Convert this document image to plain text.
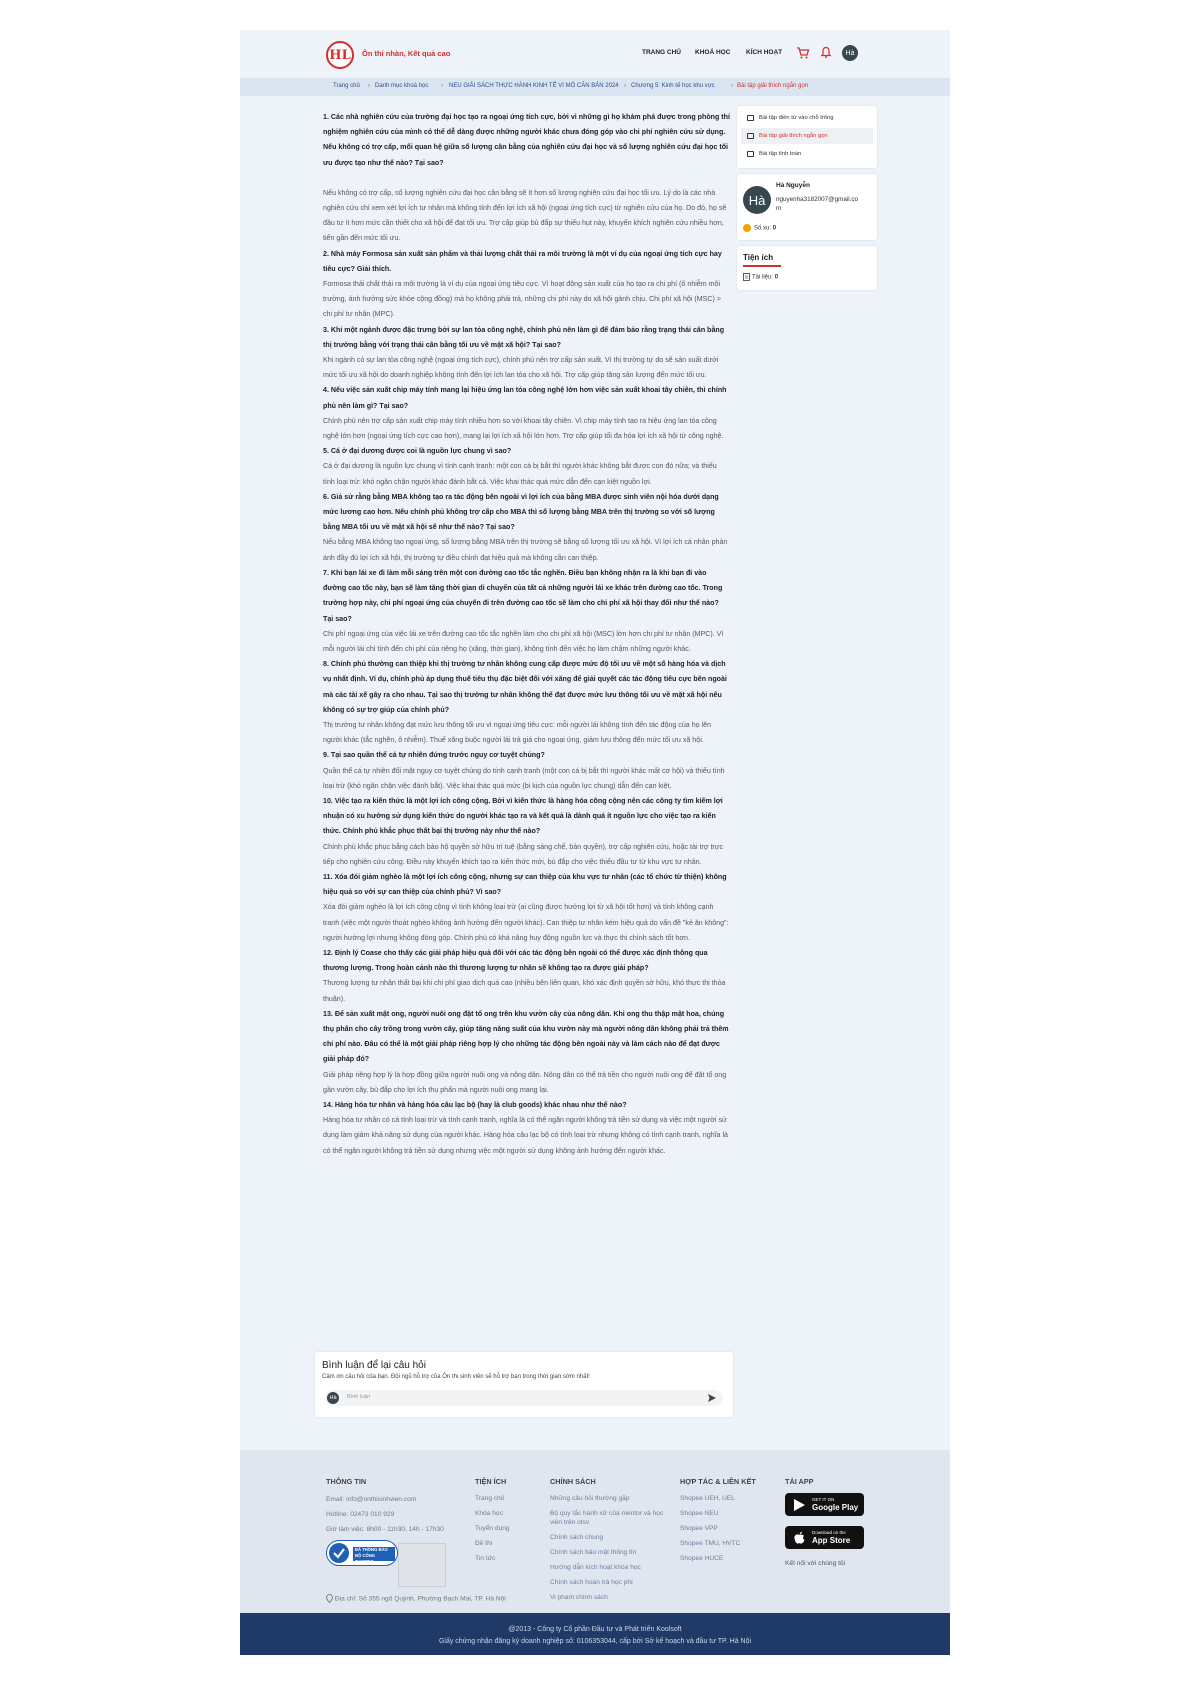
HL Ôn thi nhàn, Kết quả cao	TRANG CHỦ KHOÁ HỌC KÍCH HOẠT	Hà
Trang chủ › Danh mục khoá học › NEU GIẢI SÁCH THỰC HÀNH KINH TẾ VI MÔ CĂN BẢN 2024 › Chương 5: Kinh tế học khu vực	› Bài tập giải thích ngắn gọn

1. Các nhà nghiên cứu của trường đại học tạo ra ngoại ứng tích cực, bởi vì những gì họ khám phá được trong phòng thí nghiệm nghiên cứu của mình có thể dễ dàng được những người khác chưa đóng góp vào chi phí nghiên cứu sử dụng. Nếu không có trợ cấp, mối quan hệ giữa số lượng cân bằng của nghiên cứu đại học và số lượng nghiên cứu đại học tối ưu được tạo như thế nào? Tại sao?

Nếu không có trợ cấp, số lượng nghiên cứu đại học cân bằng sẽ ít hơn số lượng nghiên cứu đại học tối ưu. Lý do là các nhà nghiên cứu chỉ xem xét lợi ích tư nhân mà không tính đến lợi ích xã hội (ngoại ứng tích cực) từ nghiên cứu của họ. Do đó, họ sẽ đầu tư ít hơn mức cần thiết cho xã hội để đạt tối ưu. Trợ cấp giúp bù đắp sự thiếu hụt này, khuyến khích nghiên cứu nhiều hơn, tiến gần đến mức tối ưu.

2. Nhà máy Formosa sản xuất sản phẩm và thải lượng chất thải ra môi trường là một ví dụ của ngoại ứng tích cực hay tiêu cực? Giải thích.

Formosa thải chất thải ra môi trường là ví dụ của ngoại ứng tiêu cực. Vì hoạt động sản xuất của họ tạo ra chi phí (ô nhiễm môi trường, ảnh hưởng sức khỏe cộng đồng) mà họ không phải trả, những chi phí này do xã hội gánh chịu. Chi phí xã hội (MSC) > chi phí tư nhân (MPC).

3. Khi một ngành được đặc trưng bởi sự lan tỏa công nghệ, chính phủ nên làm gì để đảm bảo rằng trạng thái cân bằng thị trường bằng với trạng thái cân bằng tối ưu về mặt xã hội? Tại sao?

Khi ngành có sự lan tỏa công nghệ (ngoại ứng tích cực), chính phủ nên trợ cấp sản xuất. Vì thị trường tự do sẽ sản xuất dưới mức tối ưu xã hội do doanh nghiệp không tính đến lợi ích lan tỏa cho xã hội. Trợ cấp giúp tăng sản lượng đến mức tối ưu.

4. Nếu việc sản xuất chip máy tính mang lại hiệu ứng lan tỏa công nghệ lớn hơn việc sản xuất khoai tây chiên, thì chính phủ nên làm gì? Tại sao?

Chính phủ nên trợ cấp sản xuất chip máy tính nhiều hơn so với khoai tây chiên. Vì chip máy tính tạo ra hiệu ứng lan tỏa công nghệ lớn hơn (ngoại ứng tích cực cao hơn), mang lại lợi ích xã hội lớn hơn. Trợ cấp giúp tối đa hóa lợi ích xã hội từ công nghệ.

5. Cá ở đại dương được coi là nguồn lực chung vì sao?

Cá ở đại dương là nguồn lực chung vì tính cạnh tranh: một con cá bị bắt thì người khác không bắt được con đó nữa; và thiếu tính loại trừ: khó ngăn chặn người khác đánh bắt cá. Việc khai thác quá mức dẫn đến cạn kiệt nguồn lợi.

6. Giả sử rằng bằng MBA không tạo ra tác động bên ngoài vì lợi ích của bằng MBA được sinh viên nội hóa dưới dạng mức lương cao hơn. Nếu chính phủ không trợ cấp cho MBA thì số lượng bằng MBA trên thị trường so với số lượng bằng MBA tối ưu về mặt xã hội sẽ như thế nào? Tại sao?

Nếu bằng MBA không tạo ngoại ứng, số lượng bằng MBA trên thị trường sẽ bằng số lượng tối ưu xã hội. Vì lợi ích cá nhân phản ánh đầy đủ lợi ích xã hội, thị trường tự điều chỉnh đạt hiệu quả mà không cần can thiệp.

7. Khi bạn lái xe đi làm mỗi sáng trên một con đường cao tốc tắc nghẽn. Điều bạn không nhận ra là khi bạn đi vào đường cao tốc này, bạn sẽ làm tăng thời gian di chuyển của tất cả những người lái xe khác trên đường cao tốc. Trong trường hợp này, chi phí ngoại ứng của chuyến đi trên đường cao tốc sẽ làm cho chi phí xã hội thay đổi như thế nào? Tại sao?

Chi phí ngoại ứng của việc lái xe trên đường cao tốc tắc nghẽn làm cho chi phí xã hội (MSC) lớn hơn chi phí tư nhân (MPC). Vì mỗi người lái chỉ tính đến chi phí của riêng họ (xăng, thời gian), không tính đến việc họ làm chậm những người khác.

8. Chính phủ thường can thiệp khi thị trường tư nhân không cung cấp được mức độ tối ưu về một số hàng hóa và dịch vụ nhất định. Ví dụ, chính phủ áp dụng thuế tiêu thụ đặc biệt đối với xăng để giải quyết các tác động tiêu cực bên ngoài mà các tài xế gây ra cho nhau. Tại sao thị trường tư nhân không thể đạt được mức lưu thông tối ưu về mặt xã hội nếu không có sự trợ giúp của chính phủ?

Thị trường tư nhân không đạt mức lưu thông tối ưu vì ngoại ứng tiêu cực: mỗi người lái không tính đến tác động của họ lên người khác (tắc nghẽn, ô nhiễm). Thuế xăng buộc người lái trả giá cho ngoại ứng, giảm lưu thông đến mức tối ưu xã hội.

9. Tại sao quần thể cá tự nhiên đứng trước nguy cơ tuyệt chủng?

Quần thể cá tự nhiên đối mặt nguy cơ tuyệt chủng do tính cạnh tranh (một con cá bị bắt thì người khác mất cơ hội) và thiếu tính loại trừ (khó ngăn chặn việc đánh bắt). Việc khai thác quá mức (bi kịch của nguồn lực chung) dẫn đến cạn kiệt.

10. Việc tạo ra kiến thức là một lợi ích công cộng. Bởi vì kiến thức là hàng hóa công cộng nên các công ty tìm kiếm lợi nhuận có xu hướng sử dụng kiến thức do người khác tạo ra và kết quả là dành quá ít nguồn lực cho việc tạo ra kiến thức. Chính phủ khắc phục thất bại thị trường này như thế nào?

Chính phủ khắc phục bằng cách bảo hộ quyền sở hữu trí tuệ (bằng sáng chế, bản quyền), trợ cấp nghiên cứu, hoặc tài trợ trực tiếp cho nghiên cứu công. Điều này khuyến khích tạo ra kiến thức mới, bù đắp cho việc thiếu đầu tư từ khu vực tư nhân.

11. Xóa đói giảm nghèo là một lợi ích công cộng, nhưng sự can thiệp của khu vực tư nhân (các tổ chức từ thiện) không hiệu quả so với sự can thiệp của chính phủ? Vì sao?

Xóa đói giảm nghèo là lợi ích công cộng vì tính không loại trừ (ai cũng được hưởng lợi từ xã hội tốt hơn) và tính không cạnh tranh (việc một người thoát nghèo không ảnh hưởng đến người khác). Can thiệp tư nhân kém hiệu quả do vấn đề "kẻ ăn không": người hưởng lợi nhưng không đóng góp. Chính phủ có khả năng huy động nguồn lực và thực thi chính sách tốt hơn.

12. Định lý Coase cho thấy các giải pháp hiệu quả đối với các tác động bên ngoài có thể được xác định thông qua thương lượng. Trong hoàn cảnh nào thì thương lượng tư nhân sẽ không tạo ra được giải pháp?

Thương lượng tư nhân thất bại khi chi phí giao dịch quá cao (nhiều bên liên quan, khó xác định quyền sở hữu, khó thực thi thỏa thuận).

13. Để sản xuất mật ong, người nuôi ong đặt tổ ong trên khu vườn cây của nông dân. Khi ong thu thập mật hoa, chúng thụ phấn cho cây trồng trong vườn cây, giúp tăng năng suất của khu vườn này mà người nông dân không phải trả thêm chi phí nào. Đâu có thể là một giải pháp riêng hợp lý cho những tác động bên ngoài này và làm cách nào để đạt được giải pháp đó?

Giải pháp riêng hợp lý là hợp đồng giữa người nuôi ong và nông dân. Nông dân có thể trả tiền cho người nuôi ong để đặt tổ ong gần vườn cây, bù đắp cho lợi ích thụ phấn mà người nuôi ong mang lại.

14. Hàng hóa tư nhân và hàng hóa câu lạc bộ (hay là club goods) khác nhau như thế nào?

Hàng hóa tư nhân có cả tính loại trừ và tính cạnh tranh, nghĩa là có thể ngăn người không trả tiền sử dụng và việc một người sử dụng làm giảm khả năng sử dụng của người khác. Hàng hóa câu lạc bộ có tính loại trừ nhưng không có tính cạnh tranh, nghĩa là có thể ngăn người không trả tiền sử dụng nhưng việc một người sử dụng không ảnh hưởng đến người khác.

Bài tập điền từ vào chỗ trống
Bài tập giải thích ngắn gọn
Bài tập tính toán
Hà
Hà Nguyễn
nguyenha3182007@gmail.co
m
Số xu: 0
Tiện ích
Tài liệu: 0
Bình luận để lại câu hỏi
Cảm ơn câu hỏi của bạn. Đội ngũ hỗ trợ của Ôn thi sinh viên sẽ hỗ trợ bạn trong thời gian sớm nhất!
Hà Bình luận
THÔNG TIN
Email: info@onthisinhvien.com
Hotline: 02473 010 929
Giờ làm việc: 8h00 - 11h30, 14h - 17h30
ĐÃ THÔNG BÁO
BỘ CÔNG THƯƠNG
Địa chỉ: Số 355 ngõ Quỳnh, Phường Bạch Mai, TP. Hà Nội
TIỆN ÍCH
Trang chủ
Khóa học
Tuyển dụng
Đề thi
Tin tức
CHÍNH SÁCH
Những câu hỏi thường gặp
Bộ quy tắc hành xử của mentor và học viên trên otsv
Chính sách chung
Chính sách bảo mật thông tin
Hướng dẫn kích hoạt khóa học
Chính sách hoàn trả học phí
Vi phạm chính sách
HỢP TÁC & LIÊN KẾT
Shopee UEH, UEL
Shopee NEU
Shopee VPP
Shopee TMU, HVTC
Shopee HUCE
TẢI APP
GET IT ON
Google Play
Download on the
App Store
Kết nối với chúng tôi
@2013 - Công ty Cổ phần Đầu tư và Phát triển Koolsoft
Giấy chứng nhận đăng ký doanh nghiệp số: 0106353044, cấp bởi Sở kế hoạch và đầu tư TP. Hà Nội
